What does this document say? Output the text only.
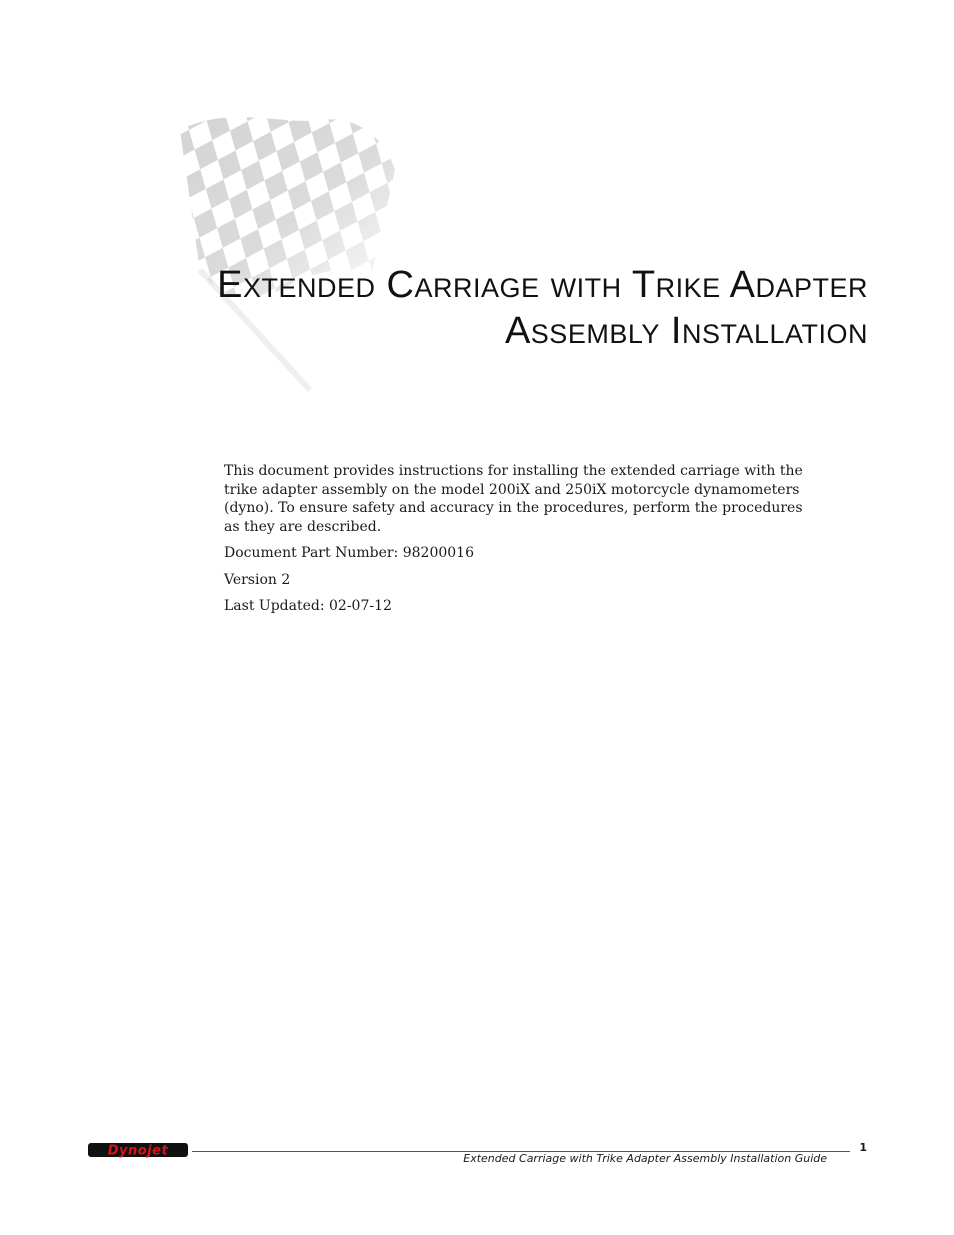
Extended Carriage with Trike Adapter
Assembly Installation

This document provides instructions for installing the extended carriage with the trike adapter assembly on the model 200iX and 250iX motorcycle dynamometers (dyno). To ensure safety and accuracy in the procedures, perform the procedures as they are described.

Document Part Number: 98200016

Version 2

Last Updated: 02-07-12

Dynojet	1
Extended Carriage with Trike Adapter Assembly Installation Guide
